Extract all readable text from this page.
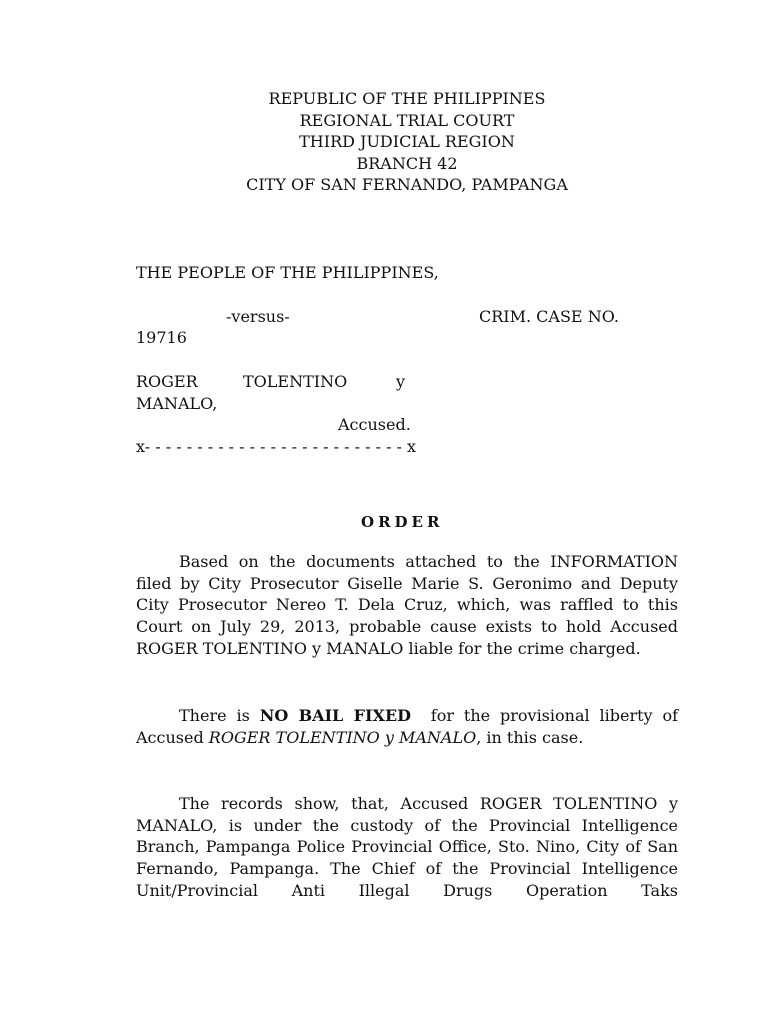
REPUBLIC OF THE PHILIPPINES
REGIONAL TRIAL COURT
THIRD JUDICIAL REGION
BRANCH 42
CITY OF SAN FERNANDO, PAMPANGA
THE PEOPLE OF THE PHILIPPINES,
-versus-	CRIM. CASE NO.
19716
ROGER	TOLENTINO	y
MANALO,
Accused.
x- - - - - - - - - - - - - - - - - - - - - - - - - x
ORDER

Based on the documents attached to the INFORMATION filed by City Prosecutor Giselle Marie S. Geronimo and Deputy City Prosecutor Nereo T. Dela Cruz, which, was raffled to this Court on July 29, 2013, probable cause exists to hold Accused ROGER TOLENTINO y MANALO liable for the crime charged.

There is NO BAIL FIXED  for the provisional liberty of Accused ROGER TOLENTINO y MANALO, in this case.

The records show, that, Accused ROGER TOLENTINO y MANALO, is under the custody of the Provincial Intelligence Branch, Pampanga Police Provincial Office, Sto. Nino, City of San Fernando, Pampanga. The Chief of the Provincial Intelligence Unit/Provincial Anti Illegal Drugs Operation Taks
